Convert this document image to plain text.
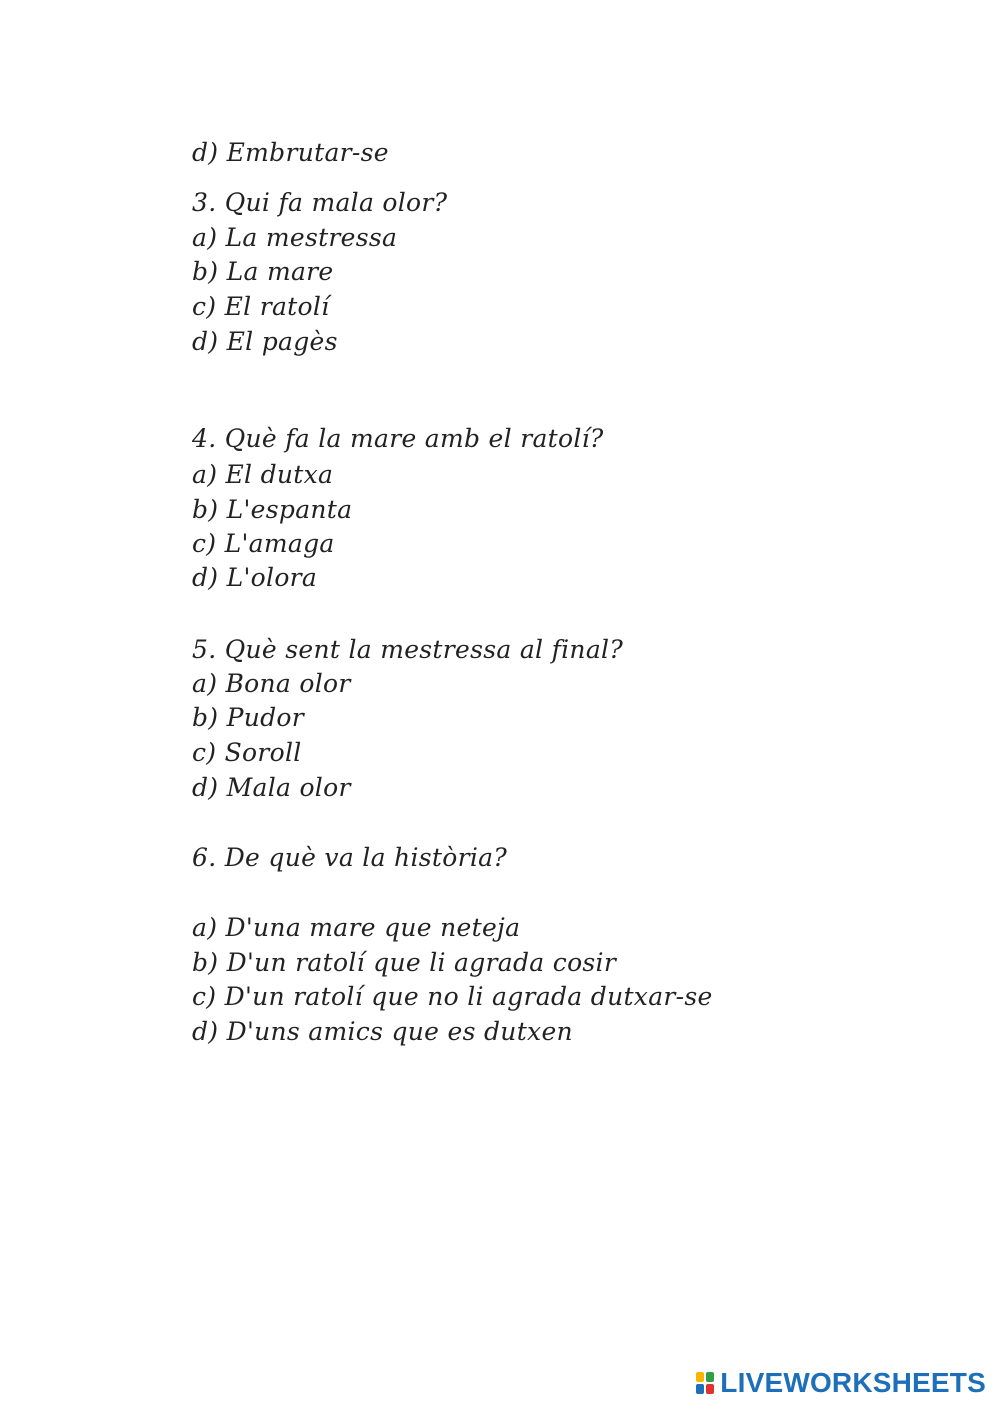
d) Embrutar-se
3. Qui fa mala olor?
a) La mestressa
b) La mare
c) El ratolí
d) El pagès
4. Què fa la mare amb el ratolí?
a) El dutxa
b) L'espanta
c) L'amaga
d) L'olora
5. Què sent la mestressa al final?
a) Bona olor
b) Pudor
c) Soroll
d) Mala olor
6. De què va la història?
a) D'una mare que neteja
b) D'un ratolí que li agrada cosir
c) D'un ratolí que no li agrada dutxar-se
d) D'uns amics que es dutxen
LIVEWORKSHEETS
